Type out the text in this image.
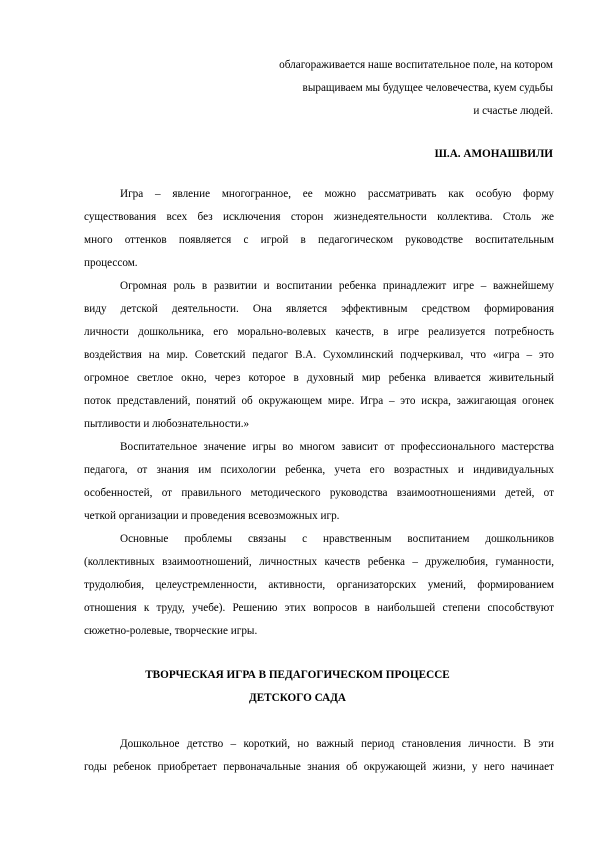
облагораживается наше воспитательное поле, на котором
выращиваем мы будущее человечества, куем судьбы
и счастье людей.
Ш.А. АМОНАШВИЛИ
Игра – явление многогранное, ее можно рассматривать как особую форму
существования всех без исключения сторон жизнедеятельности коллектива. Столь же
много оттенков появляется с игрой в педагогическом руководстве воспитательным
процессом.
Огромная роль в развитии и воспитании ребенка принадлежит игре – важнейшему
виду детской деятельности. Она является эффективным средством формирования
личности дошкольника, его морально-волевых качеств, в игре реализуется потребность
воздействия на мир. Советский педагог В.А. Сухомлинский подчеркивал, что «игра – это
огромное светлое окно, через которое в духовный мир ребенка вливается живительный
поток представлений, понятий об окружающем мире. Игра – это искра, зажигающая огонек
пытливости и любознательности.»
Воспитательное значение игры во многом зависит от профессионального мастерства
педагога, от знания им психологии ребенка, учета его возрастных и индивидуальных
особенностей, от правильного методического руководства взаимоотношениями детей, от
четкой организации и проведения всевозможных игр.
Основные проблемы связаны с нравственным воспитанием дошкольников
(коллективных взаимоотношений, личностных качеств ребенка – дружелюбия, гуманности,
трудолюбия, целеустремленности, активности, организаторских умений, формированием
отношения к труду, учебе). Решению этих вопросов в наибольшей степени способствуют
сюжетно-ролевые, творческие игры.
ТВОРЧЕСКАЯ ИГРА В ПЕДАГОГИЧЕСКОМ ПРОЦЕССЕ
ДЕТСКОГО САДА
Дошкольное детство – короткий, но важный период становления личности. В эти
годы ребенок приобретает первоначальные знания об окружающей жизни, у него начинает
